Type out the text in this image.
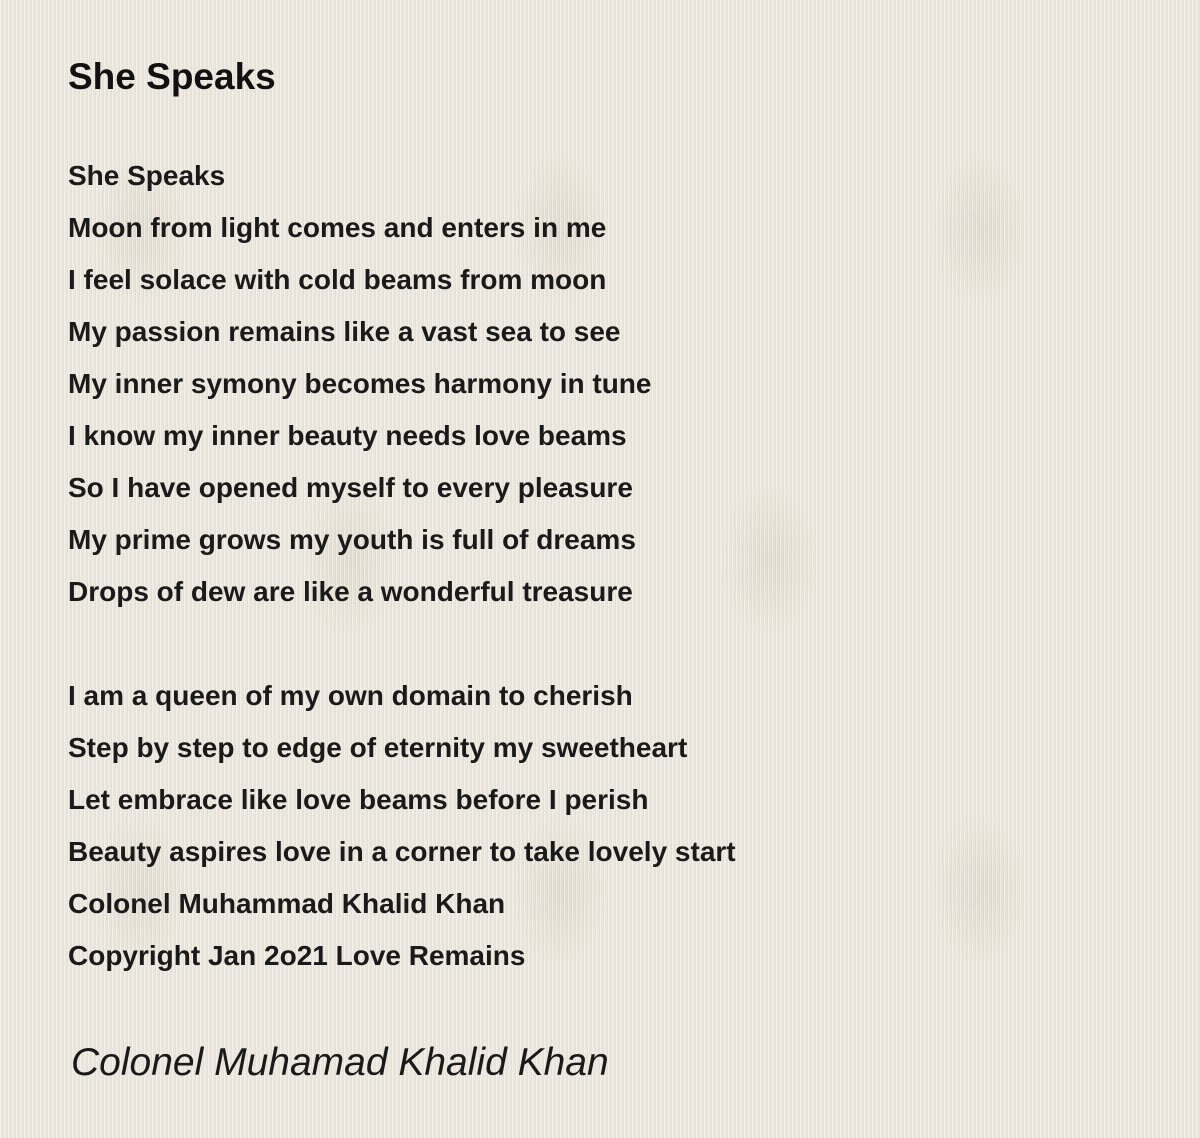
She Speaks
She Speaks
Moon from light comes and enters in me
I feel solace with cold beams from moon
My passion remains like a vast sea to see
My inner symony becomes harmony in tune
I know my inner beauty needs love beams
So I have opened myself to every pleasure
My prime grows my youth is full of dreams
Drops of dew are like a wonderful treasure
I am a queen of my own domain to cherish
Step by step to edge of eternity my sweetheart
Let embrace like love beams before I perish
Beauty aspires love in a corner to take lovely start
Colonel Muhammad Khalid Khan
Copyright Jan 2o21 Love Remains
Colonel Muhamad Khalid Khan
